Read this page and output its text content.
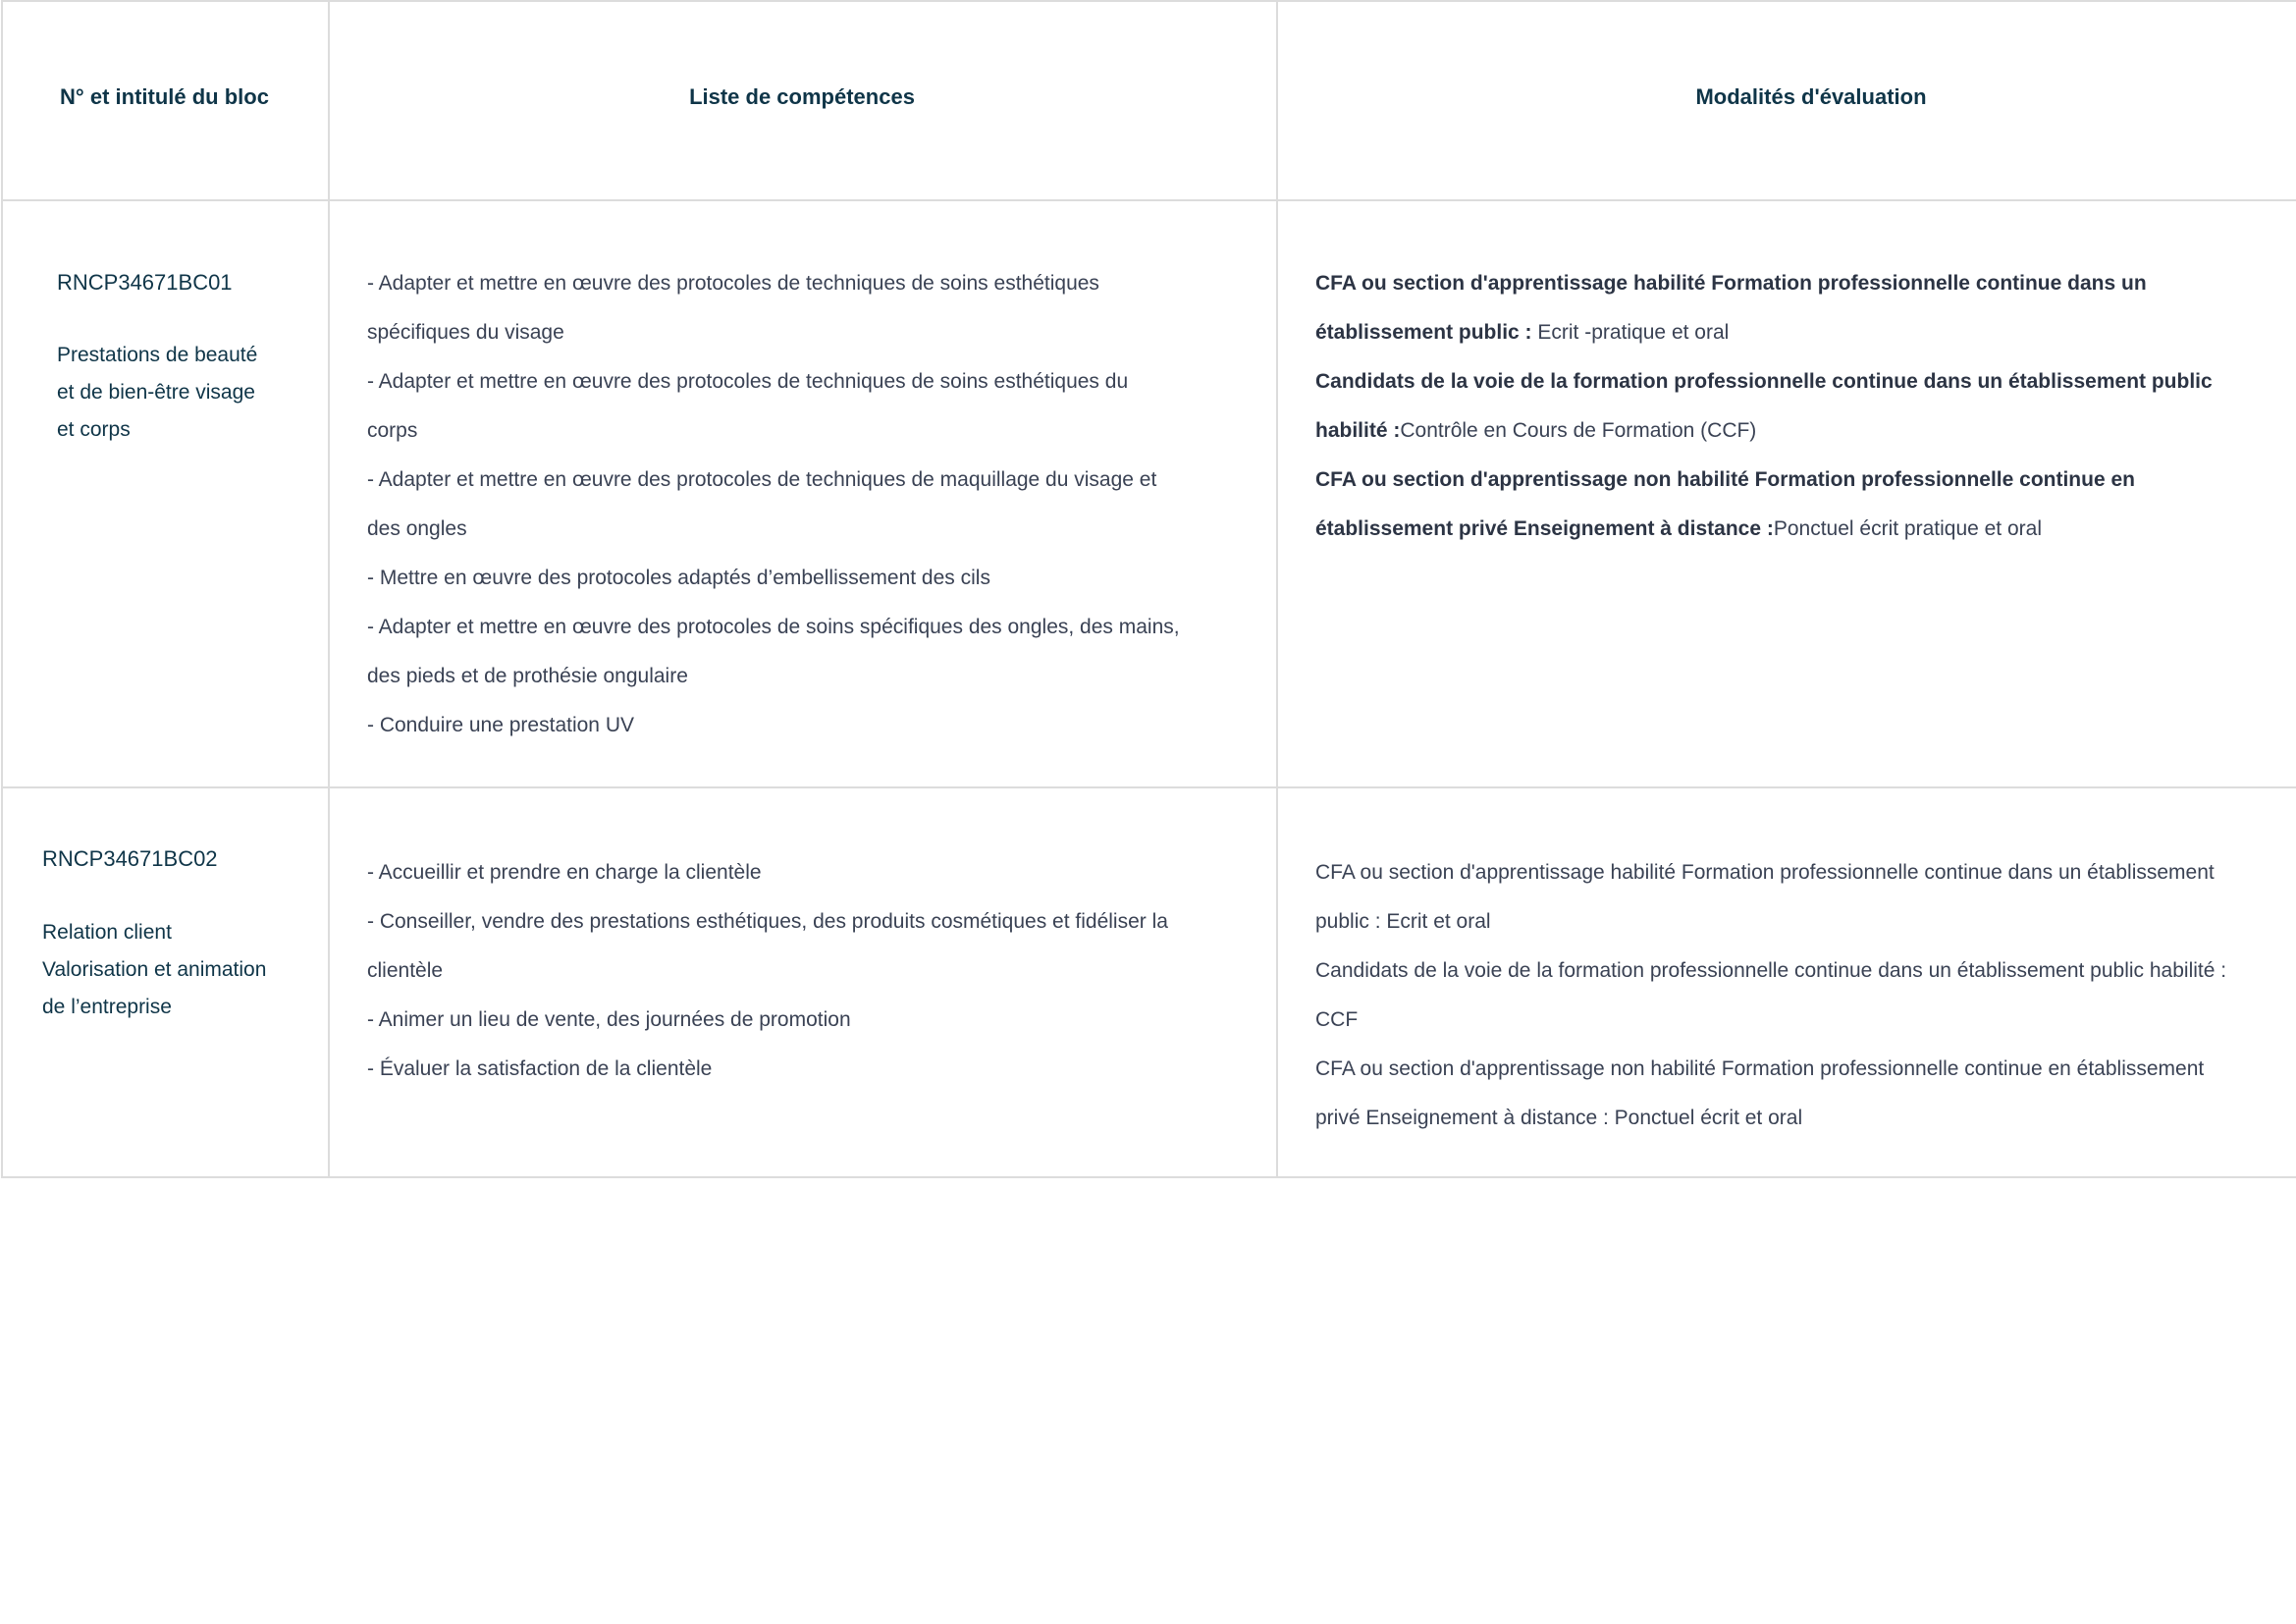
N° et intitulé du bloc	Liste de compétences	Modalités d'évaluation
RNCP34671BC01
Prestations de beauté
et de bien-être visage
et corps
- Adapter et mettre en œuvre des protocoles de techniques de soins esthétiques
spécifiques du visage
- Adapter et mettre en œuvre des protocoles de techniques de soins esthétiques du
corps
- Adapter et mettre en œuvre des protocoles de techniques de maquillage du visage et
des ongles
- Mettre en œuvre des protocoles adaptés d’embellissement des cils
- Adapter et mettre en œuvre des protocoles de soins spécifiques des ongles, des mains,
des pieds et de prothésie ongulaire
- Conduire une prestation UV
CFA ou section d'apprentissage habilité Formation professionnelle continue dans un
établissement public : Ecrit -pratique et oral
Candidats de la voie de la formation professionnelle continue dans un établissement public
habilité :Contrôle en Cours de Formation (CCF)
CFA ou section d'apprentissage non habilité Formation professionnelle continue en
établissement privé Enseignement à distance :Ponctuel écrit pratique et oral
RNCP34671BC02
Relation client
Valorisation et animation
de l’entreprise
- Accueillir et prendre en charge la clientèle
- Conseiller, vendre des prestations esthétiques, des produits cosmétiques et fidéliser la
clientèle
- Animer un lieu de vente, des journées de promotion
- Évaluer la satisfaction de la clientèle
CFA ou section d'apprentissage habilité Formation professionnelle continue dans un établissement
public : Ecrit et oral
Candidats de la voie de la formation professionnelle continue dans un établissement public habilité :
CCF
CFA ou section d'apprentissage non habilité Formation professionnelle continue en établissement
privé Enseignement à distance : Ponctuel écrit et oral
